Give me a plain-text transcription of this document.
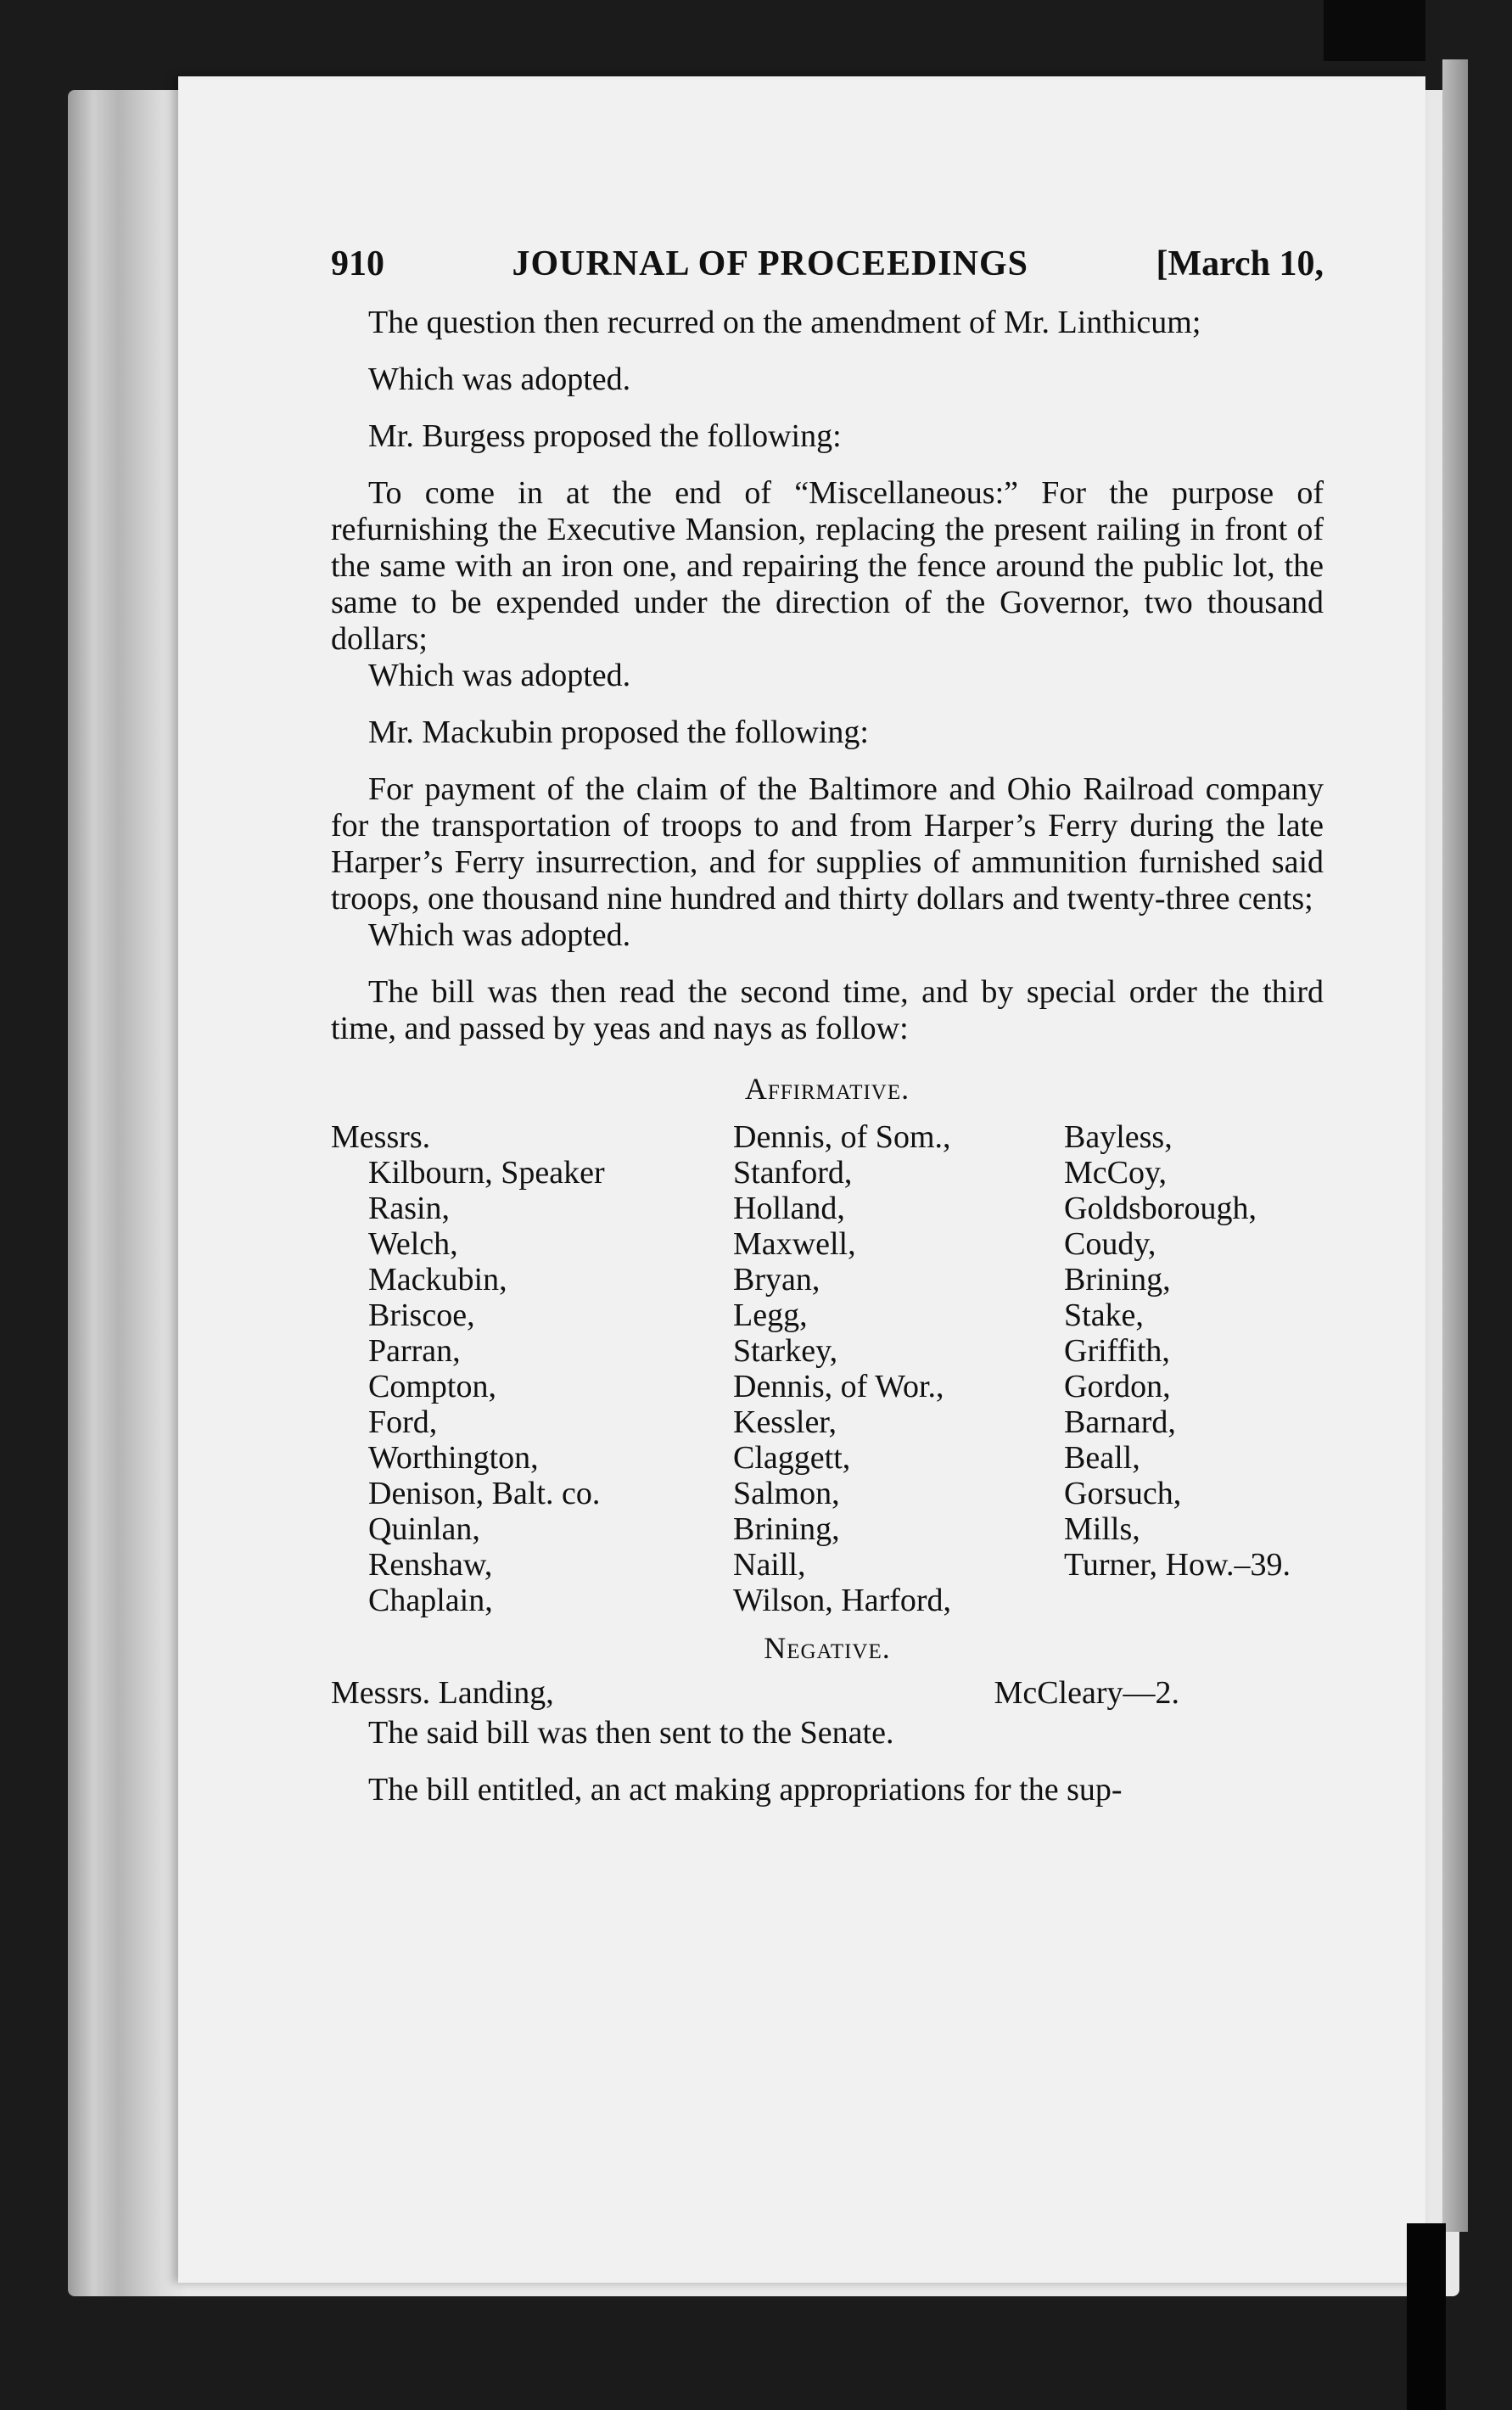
910	JOURNAL OF PROCEEDINGS	[March 10,

The question then recurred on the amendment of Mr. Linthicum;

Which was adopted.

Mr. Burgess proposed the following:

To come in at the end of “Miscellaneous:” For the purpose of refurnishing the Executive Mansion, replacing the present railing in front of the same with an iron one, and repairing the fence around the public lot, the same to be expended under the direction of the Governor, two thousand dollars;

Which was adopted.

Mr. Mackubin proposed the following:

For payment of the claim of the Baltimore and Ohio Railroad company for the transportation of troops to and from Harper’s Ferry during the late Harper’s Ferry insurrection, and for supplies of ammunition furnished said troops, one thousand nine hundred and thirty dollars and twenty-three cents;

Which was adopted.

The bill was then read the second time, and by special order the third time, and passed by yeas and nays as follow:

Affirmative.
Messrs.	Dennis, of Som.,	Bayless,
Kilbourn, Speaker	Stanford,	McCoy,
Rasin,	Holland,	Goldsborough,
Welch,	Maxwell,	Coudy,
Mackubin,	Bryan,	Brining,
Briscoe,	Legg,	Stake,
Parran,	Starkey,	Griffith,
Compton,	Dennis, of Wor.,	Gordon,
Ford,	Kessler,	Barnard,
Worthington,	Claggett,	Beall,
Denison, Balt. co.	Salmon,	Gorsuch,
Quinlan,	Brining,	Mills,
Renshaw,	Naill,	Turner, How.–39.
Chaplain,	Wilson, Harford,	
Negative.
Messrs. Landing,	McCleary—2.

The said bill was then sent to the Senate.

The bill entitled, an act making appropriations for the sup-
